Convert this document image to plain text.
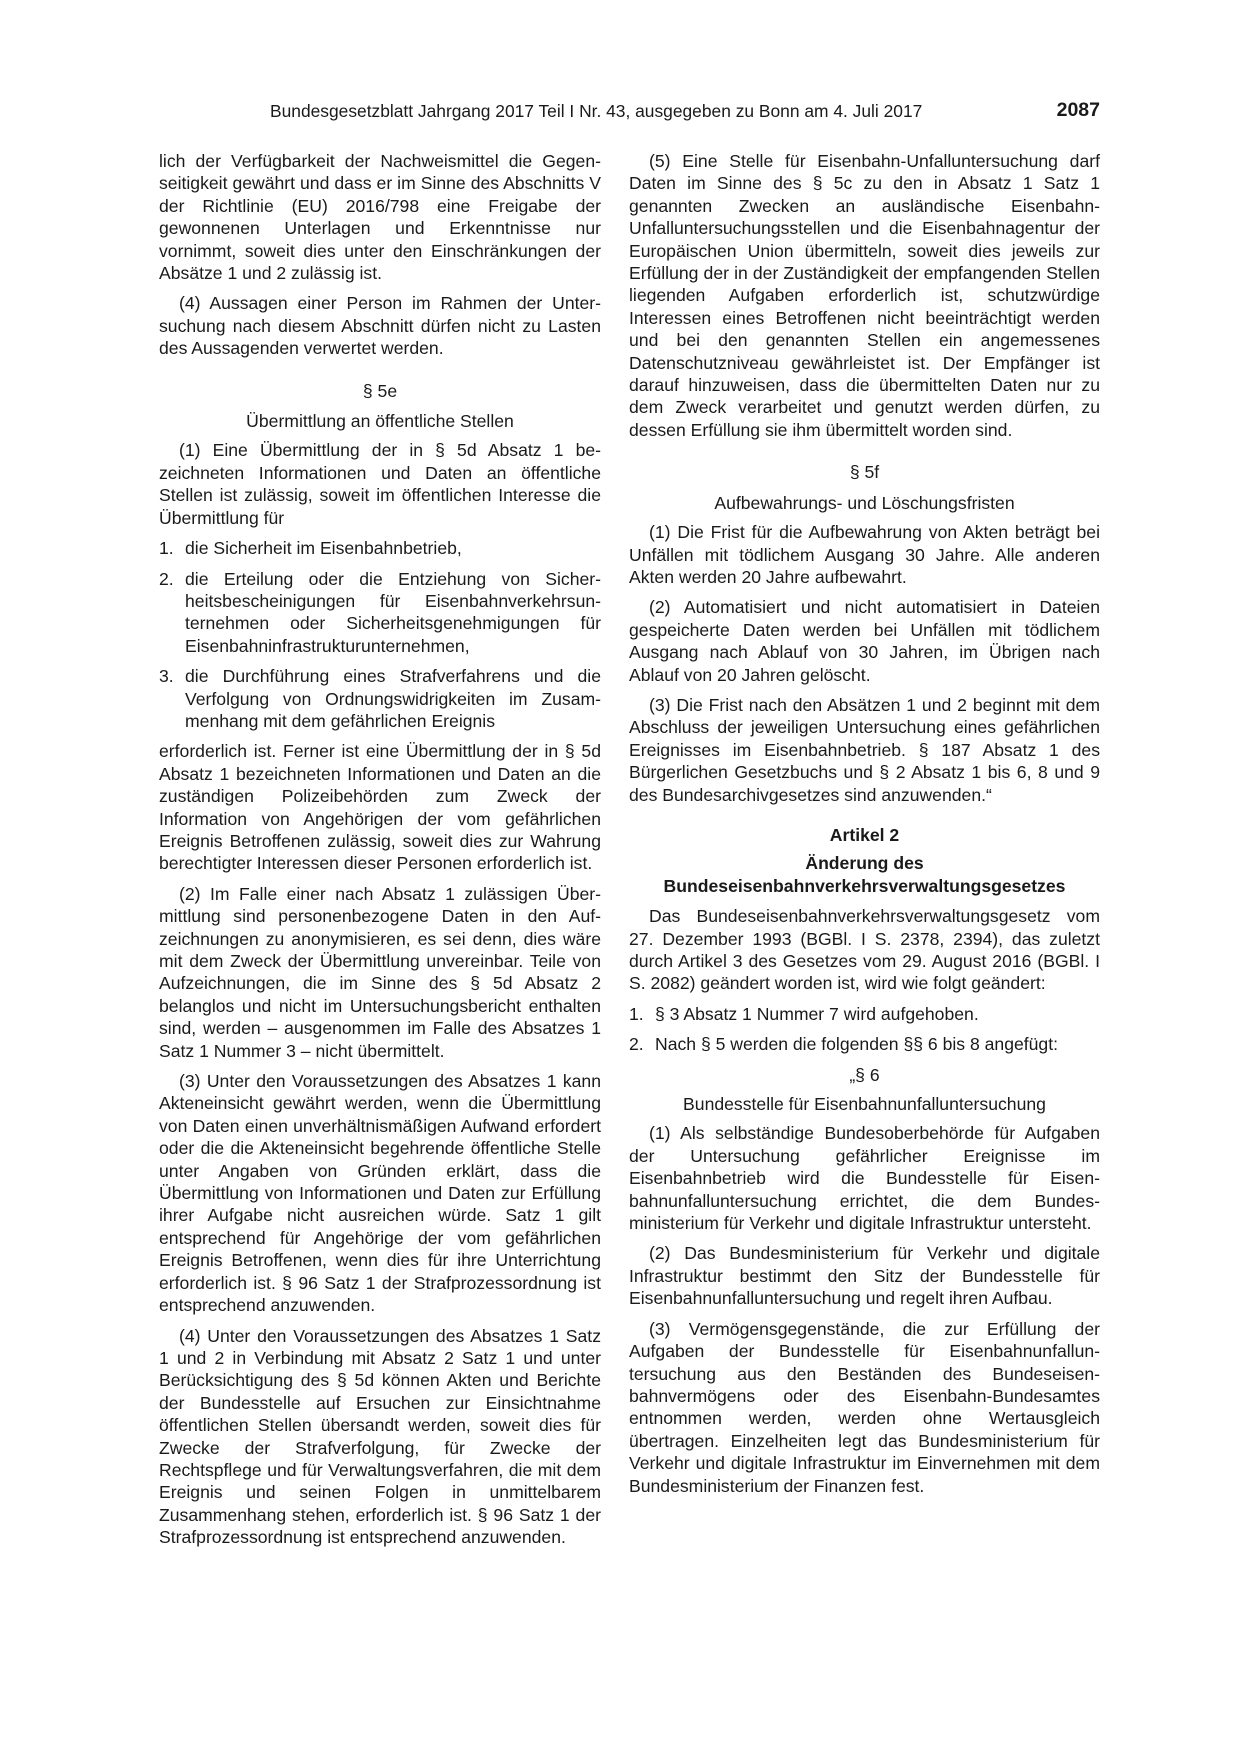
Bundesgesetzblatt Jahrgang 2017 Teil I Nr. 43, ausgegeben zu Bonn am 4. Juli 2017	2087

lich der Verfügbarkeit der Nachweismittel die Gegenseitigkeit gewährt und dass er im Sinne des Abschnitts V der Richtlinie (EU) 2016/798 eine Freigabe der gewonnenen Unterlagen und Erkenntnisse nur vornimmt, soweit dies unter den Einschränkungen der Absätze 1 und 2 zulässig ist.

(4) Aussagen einer Person im Rahmen der Untersuchung nach diesem Abschnitt dürfen nicht zu Lasten des Aussagenden verwertet werden.

§ 5e

Übermittlung an öffentliche Stellen

(1) Eine Übermittlung der in § 5d Absatz 1 bezeichneten Informationen und Daten an öffentliche Stellen ist zulässig, soweit im öffentlichen Interesse die Übermittlung für

1. die Sicherheit im Eisenbahnbetrieb,
2. die Erteilung oder die Entziehung von Sicherheitsbescheinigungen für Eisenbahnverkehrsunternehmen oder Sicherheitsgenehmigungen für Eisenbahninfrastrukturunternehmen,
3. die Durchführung eines Strafverfahrens und die Verfolgung von Ordnungswidrigkeiten im Zusammenhang mit dem gefährlichen Ereignis

erforderlich ist. Ferner ist eine Übermittlung der in § 5d Absatz 1 bezeichneten Informationen und Daten an die zuständigen Polizeibehörden zum Zweck der Information von Angehörigen der vom gefährlichen Ereignis Betroffenen zulässig, soweit dies zur Wahrung berechtigter Interessen dieser Personen erforderlich ist.

(2) Im Falle einer nach Absatz 1 zulässigen Übermittlung sind personenbezogene Daten in den Aufzeichnungen zu anonymisieren, es sei denn, dies wäre mit dem Zweck der Übermittlung unvereinbar. Teile von Aufzeichnungen, die im Sinne des § 5d Absatz 2 belanglos und nicht im Untersuchungsbericht enthalten sind, werden – ausgenommen im Falle des Absatzes 1 Satz 1 Nummer 3 – nicht übermittelt.

(3) Unter den Voraussetzungen des Absatzes 1 kann Akteneinsicht gewährt werden, wenn die Übermittlung von Daten einen unverhältnismäßigen Aufwand erfordert oder die die Akteneinsicht begehrende öffentliche Stelle unter Angaben von Gründen erklärt, dass die Übermittlung von Informationen und Daten zur Erfüllung ihrer Aufgabe nicht ausreichen würde. Satz 1 gilt entsprechend für Angehörige der vom gefährlichen Ereignis Betroffenen, wenn dies für ihre Unterrichtung erforderlich ist. § 96 Satz 1 der Strafprozessordnung ist entsprechend anzuwenden.

(4) Unter den Voraussetzungen des Absatzes 1 Satz 1 und 2 in Verbindung mit Absatz 2 Satz 1 und unter Berücksichtigung des § 5d können Akten und Berichte der Bundesstelle auf Ersuchen zur Einsichtnahme öffentlichen Stellen übersandt werden, soweit dies für Zwecke der Strafverfolgung, für Zwecke der Rechtspflege und für Verwaltungsverfahren, die mit dem Ereignis und seinen Folgen in unmittelbarem Zusammenhang stehen, erforderlich ist. § 96 Satz 1 der Strafprozessordnung ist entsprechend anzuwenden.

(5) Eine Stelle für Eisenbahn-Unfalluntersuchung darf Daten im Sinne des § 5c zu den in Absatz 1 Satz 1 genannten Zwecken an ausländische Eisenbahn-Unfalluntersuchungsstellen und die Eisenbahnagentur der Europäischen Union übermitteln, soweit dies jeweils zur Erfüllung der in der Zuständigkeit der empfangenden Stellen liegenden Aufgaben erforderlich ist, schutzwürdige Interessen eines Betroffenen nicht beeinträchtigt werden und bei den genannten Stellen ein angemessenes Datenschutzniveau gewährleistet ist. Der Empfänger ist darauf hinzuweisen, dass die übermittelten Daten nur zu dem Zweck verarbeitet und genutzt werden dürfen, zu dessen Erfüllung sie ihm übermittelt worden sind.

§ 5f

Aufbewahrungs- und Löschungsfristen

(1) Die Frist für die Aufbewahrung von Akten beträgt bei Unfällen mit tödlichem Ausgang 30 Jahre. Alle anderen Akten werden 20 Jahre aufbewahrt.

(2) Automatisiert und nicht automatisiert in Dateien gespeicherte Daten werden bei Unfällen mit tödlichem Ausgang nach Ablauf von 30 Jahren, im Übrigen nach Ablauf von 20 Jahren gelöscht.

(3) Die Frist nach den Absätzen 1 und 2 beginnt mit dem Abschluss der jeweiligen Untersuchung eines gefährlichen Ereignisses im Eisenbahnbetrieb. § 187 Absatz 1 des Bürgerlichen Gesetzbuchs und § 2 Absatz 1 bis 6, 8 und 9 des Bundesarchivgesetzes sind anzuwenden.“

Artikel 2

Änderung des
Bundeseisenbahnverkehrsverwaltungsgesetzes

Das Bundeseisenbahnverkehrsverwaltungsgesetz vom 27. Dezember 1993 (BGBl. I S. 2378, 2394), das zuletzt durch Artikel 3 des Gesetzes vom 29. August 2016 (BGBl. I S. 2082) geändert worden ist, wird wie folgt geändert:

1. § 3 Absatz 1 Nummer 7 wird aufgehoben.
2. Nach § 5 werden die folgenden §§ 6 bis 8 angefügt:

„§ 6

Bundesstelle für Eisenbahnunfalluntersuchung

(1) Als selbständige Bundesoberbehörde für Aufgaben der Untersuchung gefährlicher Ereignisse im Eisenbahnbetrieb wird die Bundesstelle für Eisenbahnunfalluntersuchung errichtet, die dem Bundesministerium für Verkehr und digitale Infrastruktur untersteht.

(2) Das Bundesministerium für Verkehr und digitale Infrastruktur bestimmt den Sitz der Bundesstelle für Eisenbahnunfalluntersuchung und regelt ihren Aufbau.

(3) Vermögensgegenstände, die zur Erfüllung der Aufgaben der Bundesstelle für Eisenbahnunfalluntersuchung aus den Beständen des Bundeseisenbahnvermögens oder des Eisenbahn-Bundesamtes entnommen werden, werden ohne Wertausgleich übertragen. Einzelheiten legt das Bundesministerium für Verkehr und digitale Infrastruktur im Einvernehmen mit dem Bundesministerium der Finanzen fest.
